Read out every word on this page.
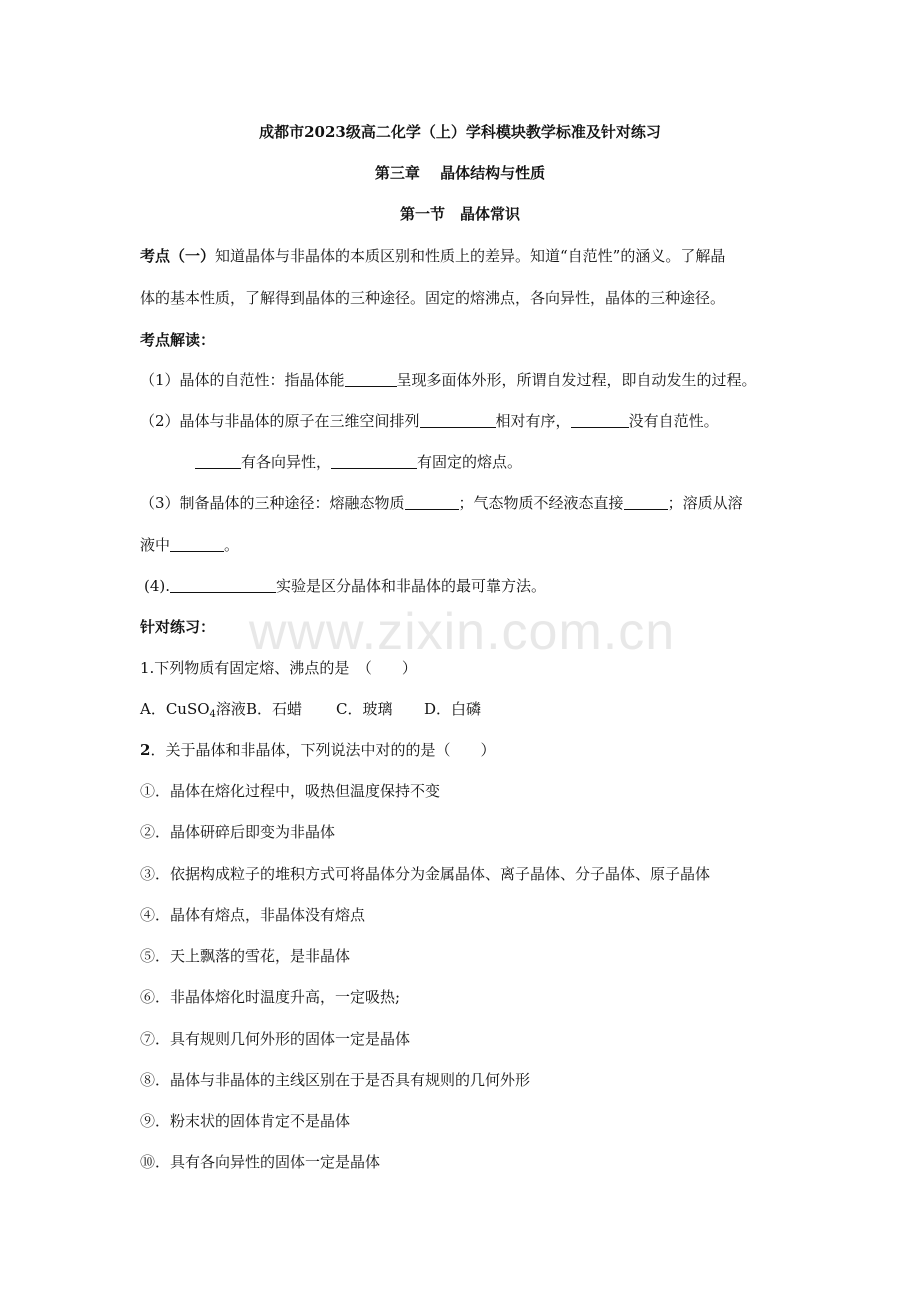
成都市2023级高二化学（上）学科模块教学标准及针对练习
第三章　 晶体结构与性质
第一节　晶体常识
考点（一）知道晶体与非晶体的本质区别和性质上的差异。知道“自范性”的涵义。了解晶
体的基本性质，了解得到晶体的三种途径。固定的熔沸点，各向异性，晶体的三种途径。
考点解读：
（1）晶体的自范性：指晶体能	呈现多面体外形，所谓自发过程，即自动发生的过程。
（2）晶体与非晶体的原子在三维空间排列	相对有序，	没有自范性。
有各向异性，	有固定的熔点。
（3）制备晶体的三种途径：熔融态物质	；气态物质不经液态直接	；溶质从溶
液中	。
(4).	实验是区分晶体和非晶体的最可靠方法。
www.zixin.com.cn
针对练习：
1.下列物质有固定熔、沸点的是　（　　）
A．CuSO$_4$溶液B．石蜡 C．玻璃 D．白磷
2．关于晶体和非晶体，下列说法中对的的是（　　）
①．晶体在熔化过程中，吸热但温度保持不变
②．晶体研碎后即变为非晶体
③．依据构成粒子的堆积方式可将晶体分为金属晶体、离子晶体、分子晶体、原子晶体
④．晶体有熔点，非晶体没有熔点
⑤．天上飘落的雪花，是非晶体
⑥．非晶体熔化时温度升高，一定吸热;
⑦．具有规则几何外形的固体一定是晶体
⑧．晶体与非晶体的主线区别在于是否具有规则的几何外形
⑨．粉末状的固体肯定不是晶体
⑩．具有各向异性的固体一定是晶体
